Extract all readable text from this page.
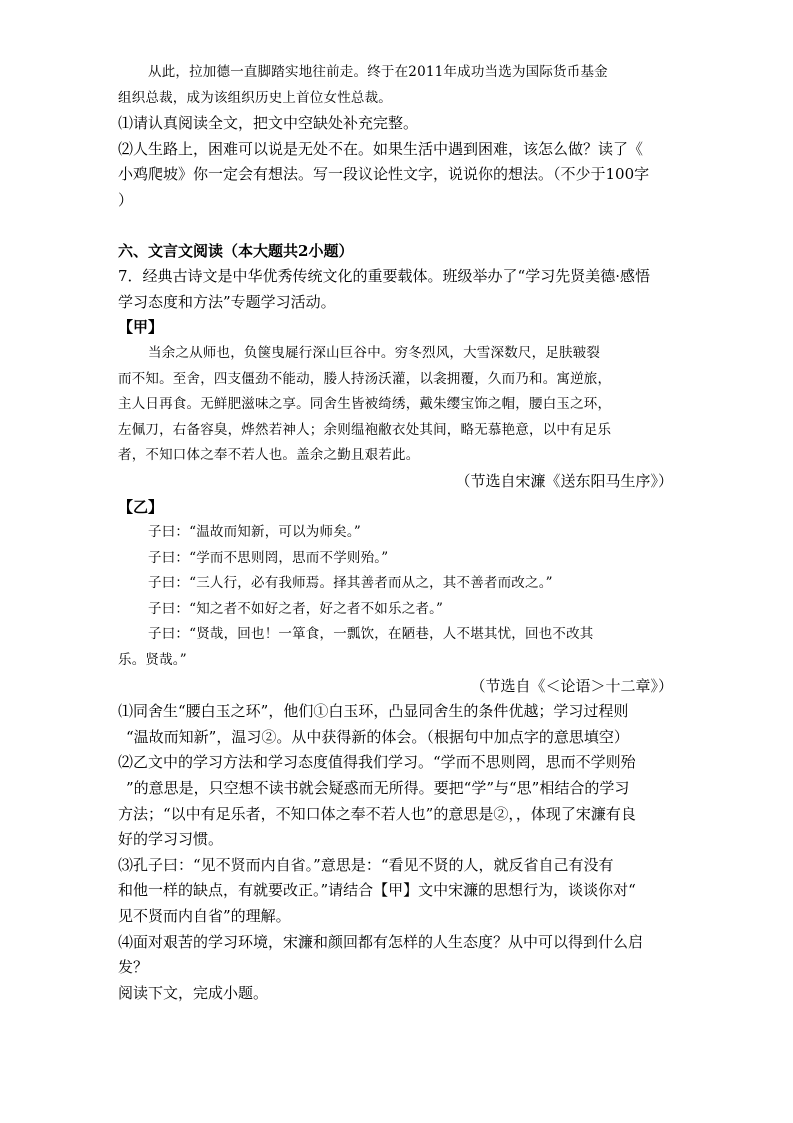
从此，拉加德一直脚踏实地往前走。终于在2011年成功当选为国际货币基金
组织总裁，成为该组织历史上首位女性总裁。
⑴请认真阅读全文，把文中空缺处补充完整。
⑵人生路上，困难可以说是无处不在。如果生活中遇到困难，该怎么做？读了《
小鸡爬坡》你一定会有想法。写一段议论性文字，说说你的想法。（不少于100字
）
六、文言文阅读（本大题共2小题）
7．经典古诗文是中华优秀传统文化的重要载体。班级举办了“学习先贤美德·感悟
学习态度和方法”专题学习活动。
【甲】
当余之从师也，负箧曳屣行深山巨谷中。穷冬烈风，大雪深数尺，足肤皲裂
而不知。至舍，四支僵劲不能动，媵人持汤沃灌，以衾拥覆，久而乃和。寓逆旅，
主人日再食。无鲜肥滋味之享。同舍生皆被绮绣，戴朱缨宝饰之帽，腰白玉之环，
左佩刀，右备容臭，烨然若神人；余则缊袍敝衣处其间，略无慕艳意，以中有足乐
者，不知口体之奉不若人也。盖余之勤且艰若此。
（节选自宋濂《送东阳马生序》）
【乙】
子曰：“温故而知新，可以为师矣。”
子曰：“学而不思则罔，思而不学则殆。”
子曰：“三人行，必有我师焉。择其善者而从之，其不善者而改之。”
子曰：“知之者不如好之者，好之者不如乐之者。”
子曰：“贤哉，回也！一箪食，一瓢饮，在陋巷，人不堪其忧，回也不改其
乐。贤哉。”
（节选自《＜论语＞十二章》）
⑴同舍生“腰白玉之环”，他们①白玉环，凸显同舍生的条件优越；学习过程则
“温故而知新”，温习②。从中获得新的体会。（根据句中加点字的意思填空）
⑵乙文中的学习方法和学习态度值得我们学习。“学而不思则罔，思而不学则殆
”的意思是，只空想不读书就会疑惑而无所得。要把“学”与“思”相结合的学习
方法；“以中有足乐者，不知口体之奉不若人也”的意思是②，，体现了宋濂有良
好的学习习惯。
⑶孔子曰：“见不贤而内自省。”意思是：“看见不贤的人，就反省自己有没有
和他一样的缺点，有就要改正。”请结合【甲】文中宋濂的思想行为，谈谈你对“
见不贤而内自省”的理解。
⑷面对艰苦的学习环境，宋濂和颜回都有怎样的人生态度？从中可以得到什么启
发？
阅读下文，完成小题。
